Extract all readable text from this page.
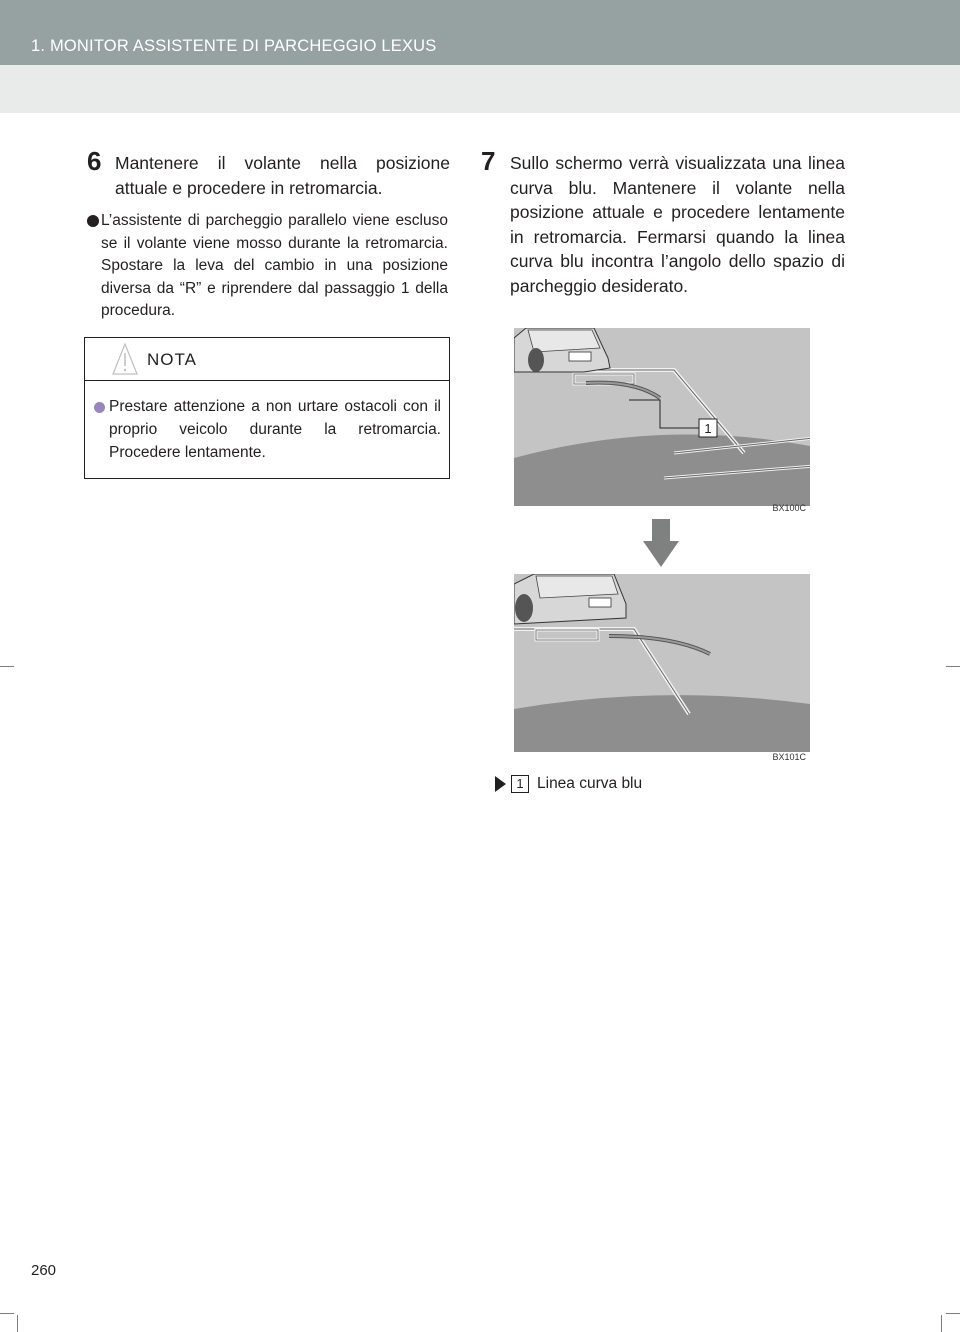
1. MONITOR ASSISTENTE DI PARCHEGGIO LEXUS
6 Mantenere il volante nella posizione attuale e procedere in retromarcia.
L’assistente di parcheggio parallelo viene escluso se il volante viene mosso durante la retromarcia. Spostare la leva del cambio in una posizione diversa da “R” e riprendere dal passaggio 1 della procedura.
NOTA
Prestare attenzione a non urtare ostacoli con il proprio veicolo durante la retromarcia. Procedere lentamente.
7 Sullo schermo verrà visualizzata una linea curva blu. Mantenere il volante nella posizione attuale e procedere lentamente in retromarcia. Fermarsi quando la linea curva blu incontra l’angolo dello spazio di parcheggio desiderato.
1
BX100C
BX101C
1 Linea curva blu
260
